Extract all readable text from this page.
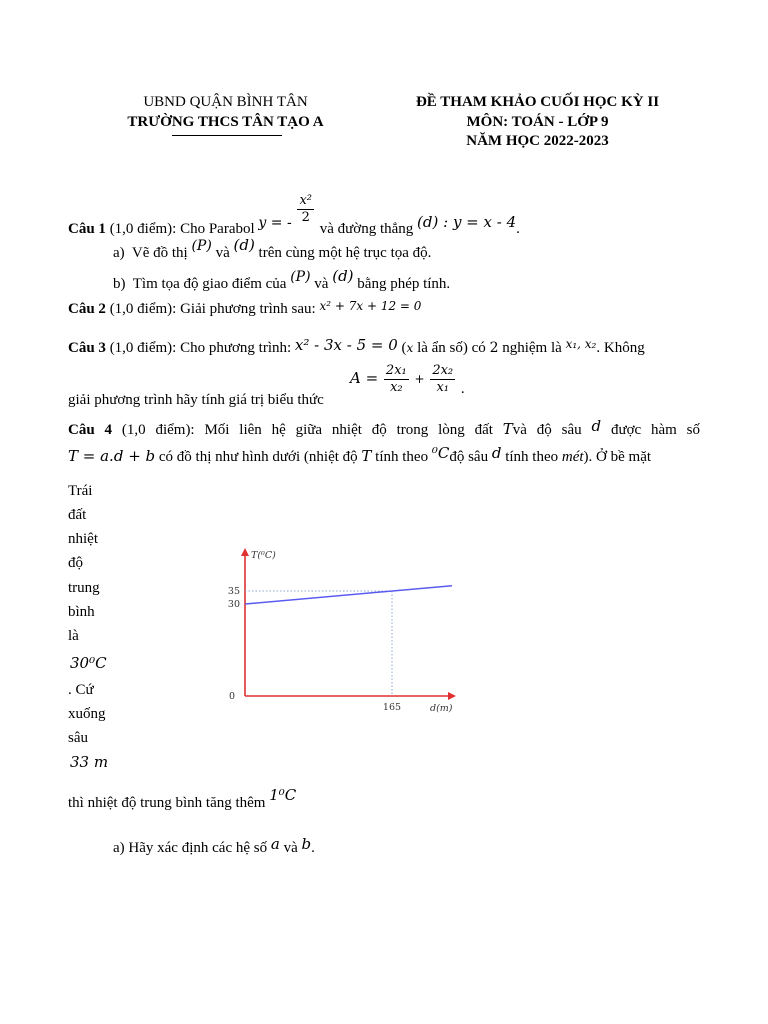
UBND QUẬN BÌNH TÂN
TRƯỜNG THCS TÂN TẠO A
ĐỀ THAM KHẢO CUỐI HỌC KỲ II
MÔN: TOÁN - LỚP 9
NĂM HỌC 2022-2023
Câu 1 (1,0 điểm): Cho Parabol y = - $\frac{\text{x²}}{2}$
và đường thẳng (d) : y = x - 4.
a) Vẽ đồ thị (P) và (d) trên cùng một hệ trục tọa độ.
b) Tìm tọa độ giao điểm của (P) và (d) bằng phép tính.
Câu 2 (1,0 điểm): Giải phương trình sau: $^{x^2 + 7x + 12 = 0}$
Câu 3 (1,0 điểm): Cho phương trình: x² - 3x - 5 = 0 (x là ẩn số) có 2 nghiệm là $^{x_1, x_2}$. Không
giải phương trình hãy tính giá trị biểu thức
$A = \frac{\text{2x₁}}{\text{x₂}} + \frac{\text{2x₂}}{\text{x₁}}$ .
Câu 4 (1,0 điểm): Mối liên hệ giữa nhiệt độ trong lòng đất Tvà độ sâu d được hàm số
T = a.d + b có đồ thị như hình dưới (nhiệt độ T tính theo ⁰Cđộ sâu d tính theo mét). Ở bề mặt
Trái
đất
nhiệt
độ
trung
bình
là
30⁰C
. Cứ
xuống
sâu
33 m
35
30
0
165
T(⁰C)
d(m)
thì nhiệt độ trung bình tăng thêm 1⁰C
a) Hãy xác định các hệ số a và b.
